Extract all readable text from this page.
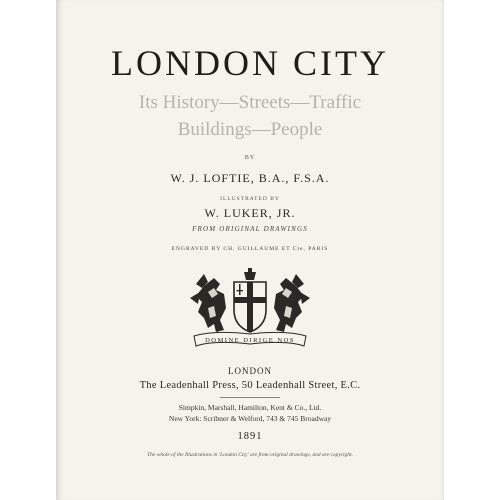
LONDON CITY
Its History—Streets—Traffic
Buildings—People
BY
W. J. LOFTIE, B.A., F.S.A.
ILLUSTRATED BY
W. LUKER, JR.
FROM ORIGINAL DRAWINGS
ENGRAVED BY CH. GUILLAUME ET Cie, PARIS
DOMINE DIRIGE NOS
LONDON
The Leadenhall Press, 50 Leadenhall Street, E.C.
Simpkin, Marshall, Hamilton, Kent & Co., Ltd.
New York: Scribner & Welford, 743 & 745 Broadway
1891
The whole of the Illustrations in 'London City' are from original drawings, and are copyright.
